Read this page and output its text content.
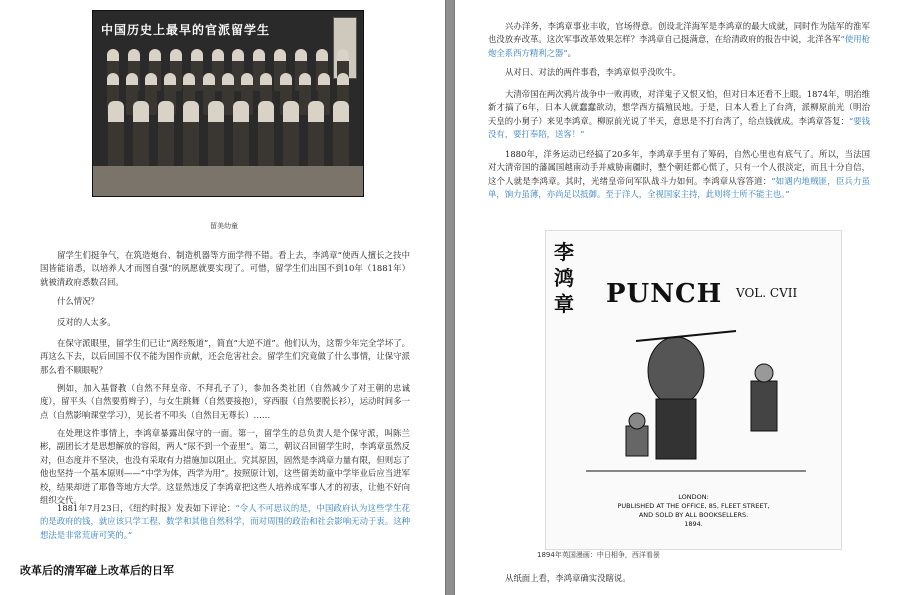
中国历史上最早的官派留学生
留美幼童

留学生们挺争气，在筑造炮台、制造机器等方面学得不错。看上去，李鸿章“使西人擅长之技中国皆能谙悉，以培养人才而图自强”的夙愿就要实现了。可惜，留学生们出国不到10年（1881年）就被清政府悉数召回。

什么情况？

反对的人太多。

在保守派眼里，留学生们已让“离经叛道”，简直“大逆不道”。他们认为，这帮少年完全学坏了。再这么下去，以后回国不仅不能为国作贡献，还会危害社会。留学生们究竟做了什么事情，让保守派那么看不顺眼呢？

例如，加入基督教（自然不拜皇帝、不拜孔子了），参加各类社团（自然减少了对王朝的忠诚度），留平头（自然要剪辫子），与女生跳舞（自然要接抱），穿西服（自然要脱长衫），运动时间多一点（自然影响课堂学习），见长者不叩头（自然目无尊长）……

在处理这件事情上，李鸿章暴露出保守的一面。第一，留学生的总负责人是个保守派，叫陈兰彬，副团长才是思想解放的容闳，两人“尿不到一个壶里”。第二，朝议召回留学生时，李鸿章虽然反对，但态度并不坚决，也没有采取有力措施加以阻止。究其原因，固然是李鸿章力量有限，但则忘了他也坚持一个基本原则——“中学为体，西学为用”。按照原计划，这些留美幼童中学毕业后应当进军校，结果却进了耶鲁等地方大学。这显然违反了李鸿章把这些人培养成军事人才的初衷，让他不好向组织交代。

1881年7月23日，《纽约时报》发表如下评论：“令人不可思议的是，中国政府认为这些学生花的是政府的钱，就应该只学工程、数学和其他自然科学，而对周围的政治和社会影响无动于衷。这种想法是非常荒唐可笑的。”

改革后的清军碰上改革后的日军

兴办洋务，李鸿章事业丰收，官场得意。创设北洋海军是李鸿章的最大成就，同时作为陆军的淮军也没放弃改革。这次军事改革效果怎样？李鸿章自己挺满意，在给清政府的报告中说，北洋各军“使用枪炮全系西方精利之器”。

从对日、对法的两件事看，李鸿章似乎没吹牛。

大清帝国在两次鸦片战争中一败再败，对洋鬼子又恨又怕，但对日本还看不上眼。1874年，明治维新才搞了6年，日本人就蠢蠢欲动，想学西方搞殖民地。于是，日本人看上了台湾，派柳原前光（明治天皇的小舅子）来见李鸿章。柳原前光说了半天，意思是不打台湾了，给点钱就成。李鸿章答复：“要钱没有，要打奉陪，送客！”

1880年，洋务运动已经搞了20多年，李鸿章手里有了筹码，自然心里也有底气了。所以，当法国对大清帝国的藩属国越南动手并威胁南疆时，整个朝廷都心慌了，只有一个人很淡定，而且十分自信，这个人就是李鸿章。其时，光绪皇帝问军队战斗力如何。李鸿章从容答道：“如遇内地贼匪，臣兵力虽单，饷力虽薄，亦尚足以抵御。至于洋人，全视国家主持，此则将士所不能主也。”

李鸿章 PUNCH VOL. CVII
LONDON:
PUBLISHED AT THE OFFICE, 85, FLEET STREET,
AND SOLD BY ALL BOOKSELLERS.
1894.
1894年英国漫画：中日相争，西洋看景

从纸面上看，李鸿章确实没瞎说。
